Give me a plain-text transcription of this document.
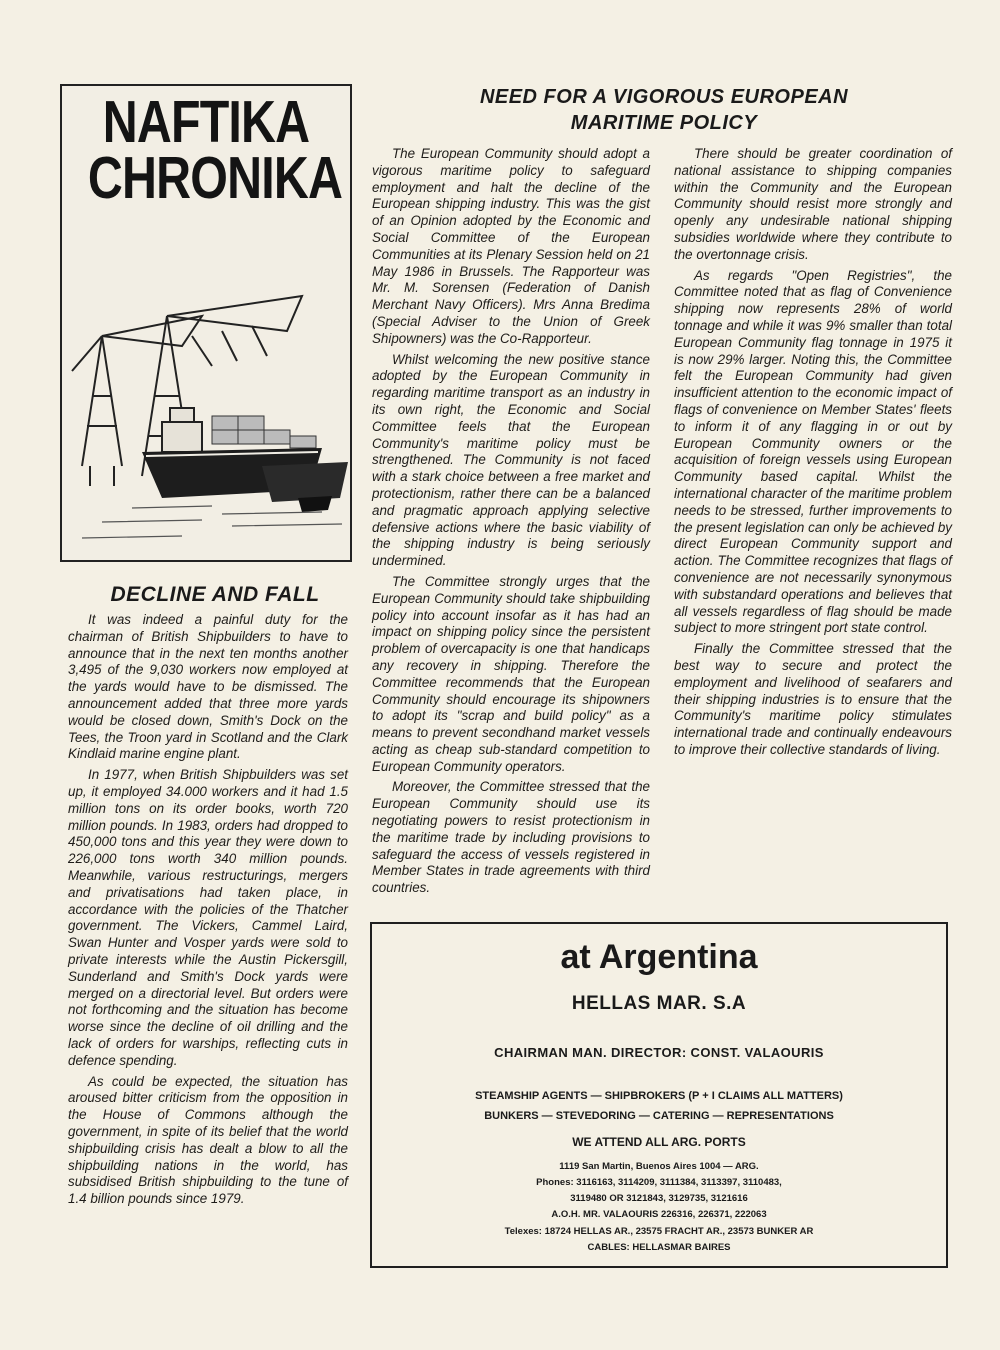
NAFTIKA
CHRONIKA
NEED FOR A VIGOROUS EUROPEAN
MARITIME POLICY

The European Community should adopt a vigorous maritime policy to safeguard employment and halt the decline of the European shipping industry. This was the gist of an Opinion adopted by the Economic and Social Committee of the European Communities at its Plenary Session held on 21 May 1986 in Brussels. The Rapporteur was Mr. M. Sorensen (Federation of Danish Merchant Navy Officers). Mrs Anna Bredima (Special Adviser to the Union of Greek Shipowners) was the Co-Rapporteur.

Whilst welcoming the new positive stance adopted by the European Community in regarding maritime transport as an industry in its own right, the Economic and Social Committee feels that the European Community's maritime policy must be strengthened. The Community is not faced with a stark choice between a free market and protectionism, rather there can be a balanced and pragmatic approach applying selective defensive actions where the basic viability of the shipping industry is being seriously undermined.

The Committee strongly urges that the European Community should take shipbuilding policy into account insofar as it has had an impact on shipping policy since the persistent problem of overcapacity is one that handicaps any recovery in shipping. Therefore the Committee recommends that the European Community should encourage its shipowners to adopt its "scrap and build policy" as a means to prevent secondhand market vessels acting as cheap sub-standard competition to European Community operators.

Moreover, the Committee stressed that the European Community should use its negotiating powers to resist protectionism in the maritime trade by including provisions to safeguard the access of vessels registered in Member States in trade agreements with third countries.

There should be greater coordination of national assistance to shipping companies within the Community and the European Community should resist more strongly and openly any undesirable national shipping subsidies worldwide where they contribute to the overtonnage crisis.

As regards "Open Registries", the Committee noted that as flag of Convenience shipping now represents 28% of world tonnage and while it was 9% smaller than total European Community flag tonnage in 1975 it is now 29% larger. Noting this, the Committee felt the European Community had given insufficient attention to the economic impact of flags of convenience on Member States' fleets to inform it of any flagging in or out by European Community owners or the acquisition of foreign vessels using European Community based capital. Whilst the international character of the maritime problem needs to be stressed, further improvements to the present legislation can only be achieved by direct European Community support and action. The Committee recognizes that flags of convenience are not necessarily synonymous with substandard operations and believes that all vessels regardless of flag should be made subject to more stringent port state control.

Finally the Committee stressed that the best way to secure and protect the employment and livelihood of seafarers and their shipping industries is to ensure that the Community's maritime policy stimulates international trade and continually endeavours to improve their collective standards of living.

DECLINE AND FALL

It was indeed a painful duty for the chairman of British Shipbuilders to have to announce that in the next ten months another 3,495 of the 9,030 workers now employed at the yards would have to be dismissed. The announcement added that three more yards would be closed down, Smith's Dock on the Tees, the Troon yard in Scotland and the Clark Kindlaid marine engine plant.

In 1977, when British Shipbuilders was set up, it employed 34.000 workers and it had 1.5 million tons on its order books, worth 720 million pounds. In 1983, orders had dropped to 450,000 tons and this year they were down to 226,000 tons worth 340 million pounds. Meanwhile, various restructurings, mergers and privatisations had taken place, in accordance with the policies of the Thatcher government. The Vickers, Cammel Laird, Swan Hunter and Vosper yards were sold to private interests while the Austin Pickersgill, Sunderland and Smith's Dock yards were merged on a directorial level. But orders were not forthcoming and the situation has become worse since the decline of oil drilling and the lack of orders for warships, reflecting cuts in defence spending.

As could be expected, the situation has aroused bitter criticism from the opposition in the House of Commons although the government, in spite of its belief that the world shipbuilding crisis has dealt a blow to all the shipbuilding nations in the world, has subsidised British shipbuilding to the tune of 1.4 billion pounds since 1979.

at Argentina
HELLAS MAR. S.A
CHAIRMAN MAN. DIRECTOR: CONST. VALAOURIS
STEAMSHIP AGENTS — SHIPBROKERS (P + I CLAIMS ALL MATTERS)
BUNKERS — STEVEDORING — CATERING — REPRESENTATIONS
WE ATTEND ALL ARG. PORTS
1119 San Martin, Buenos Aires 1004 — ARG.
Phones: 3116163, 3114209, 3111384, 3113397, 3110483,
3119480 OR 3121843, 3129735, 3121616
A.O.H. MR. VALAOURIS 226316, 226371, 222063
Telexes: 18724 HELLAS AR., 23575 FRACHT AR., 23573 BUNKER AR
CABLES: HELLASMAR BAIRES
